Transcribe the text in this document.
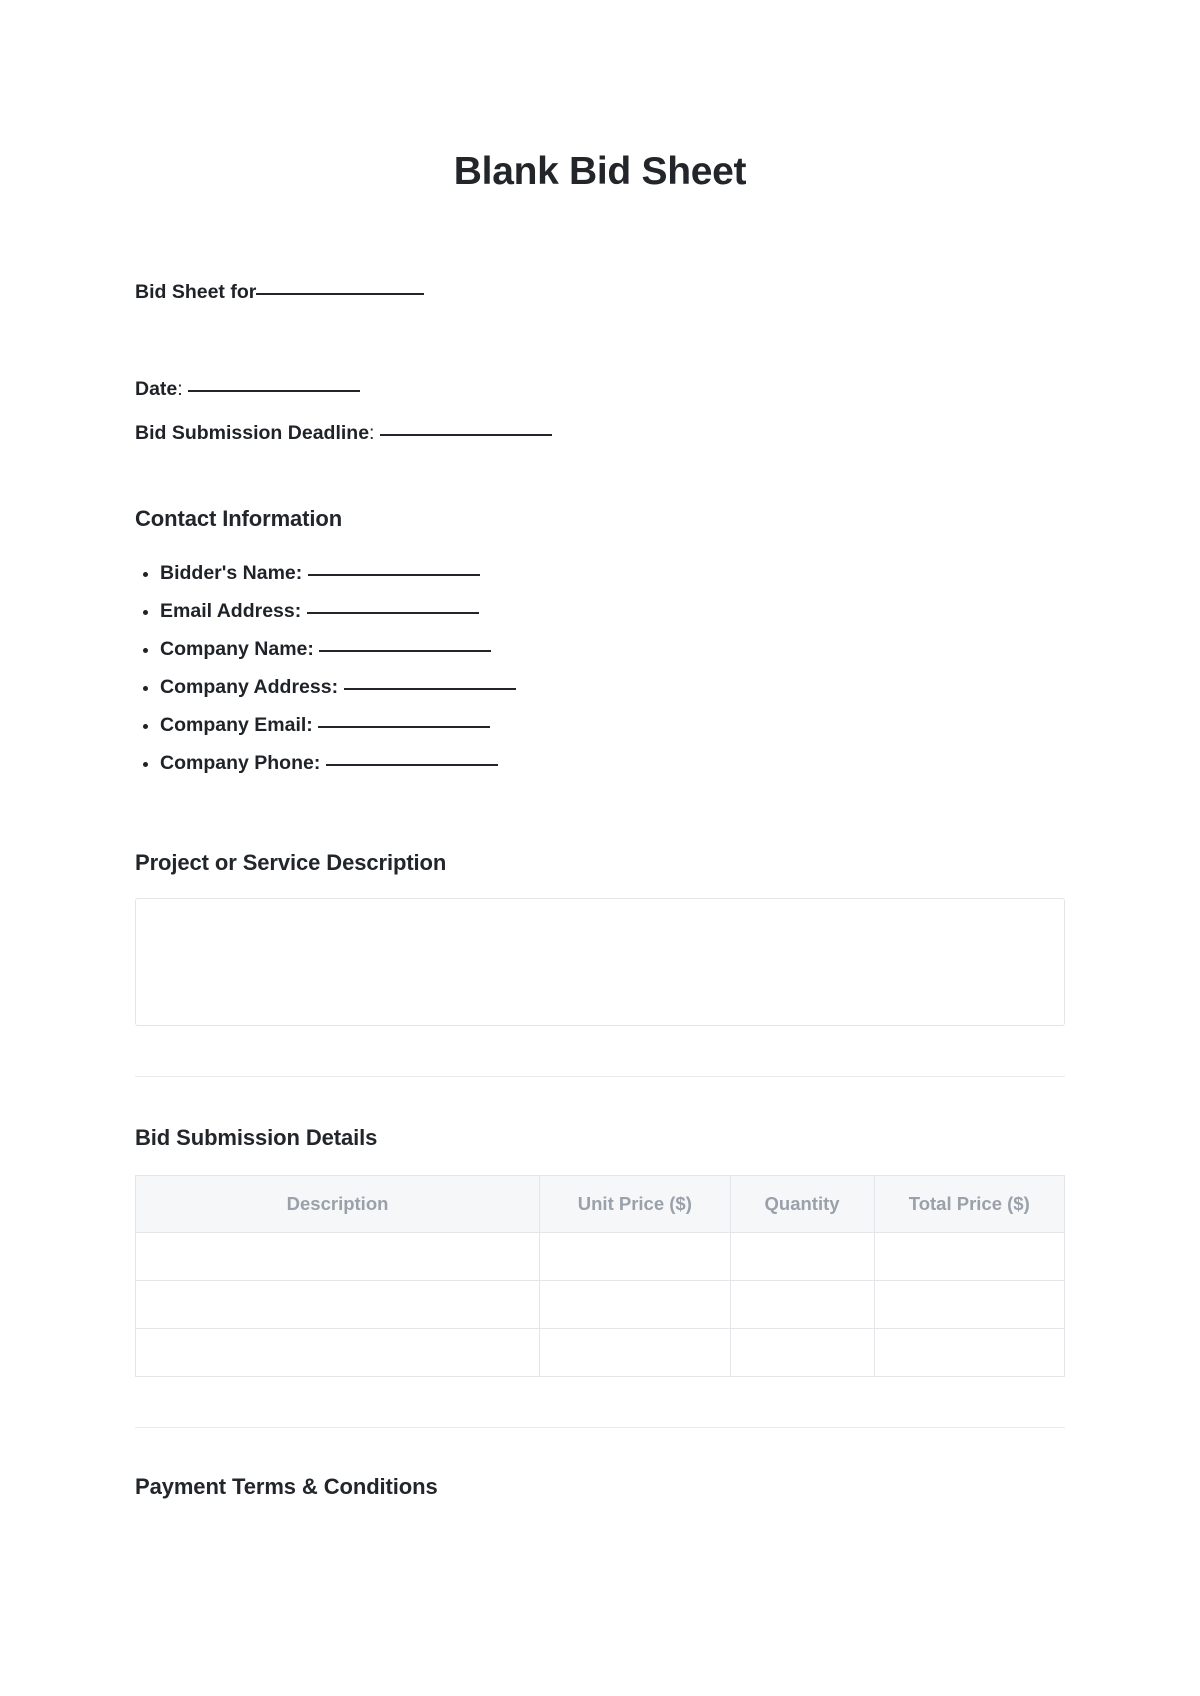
Blank Bid Sheet

Bid Sheet for

Date:

Bid Submission Deadline:

Contact Information
Bidder's Name:
Email Address:
Company Name:
Company Address:
Company Email:
Company Phone:
Project or Service Description
Bid Submission Details
Description	Unit Price ($)	Quantity	Total Price ($)

Payment Terms & Conditions
